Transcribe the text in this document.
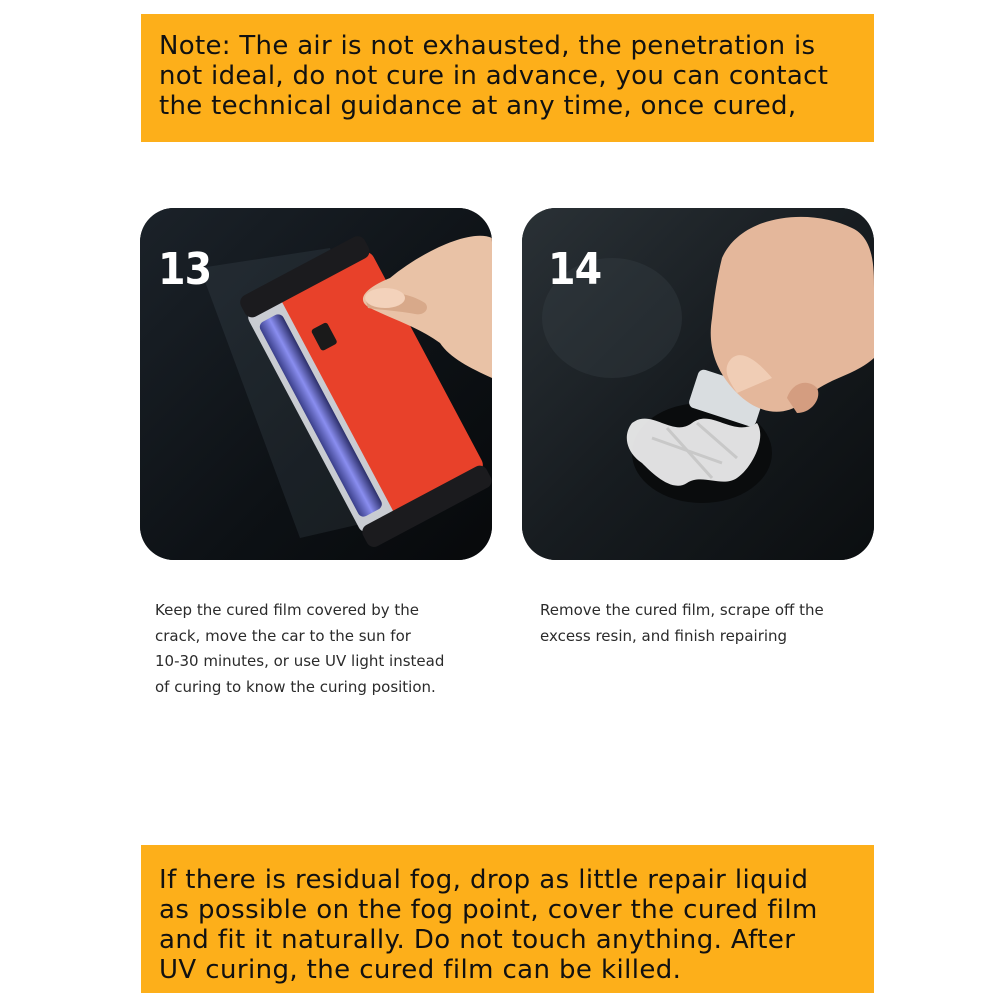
Note: The air is not exhausted, the penetration is

not ideal, do not cure in advance, you can contact

the technical guidance at any time, once cured,

13	14
Keep the cured film covered by the
crack, move the car to the sun for
10-30 minutes, or use UV light instead
of curing to know the curing position.
Remove the cured film, scrape off the
excess resin, and finish repairing

If there is residual fog, drop as little repair liquid

as possible on the fog point, cover the cured film

and fit it naturally. Do not touch anything. After

UV curing, the cured film can be killed.
